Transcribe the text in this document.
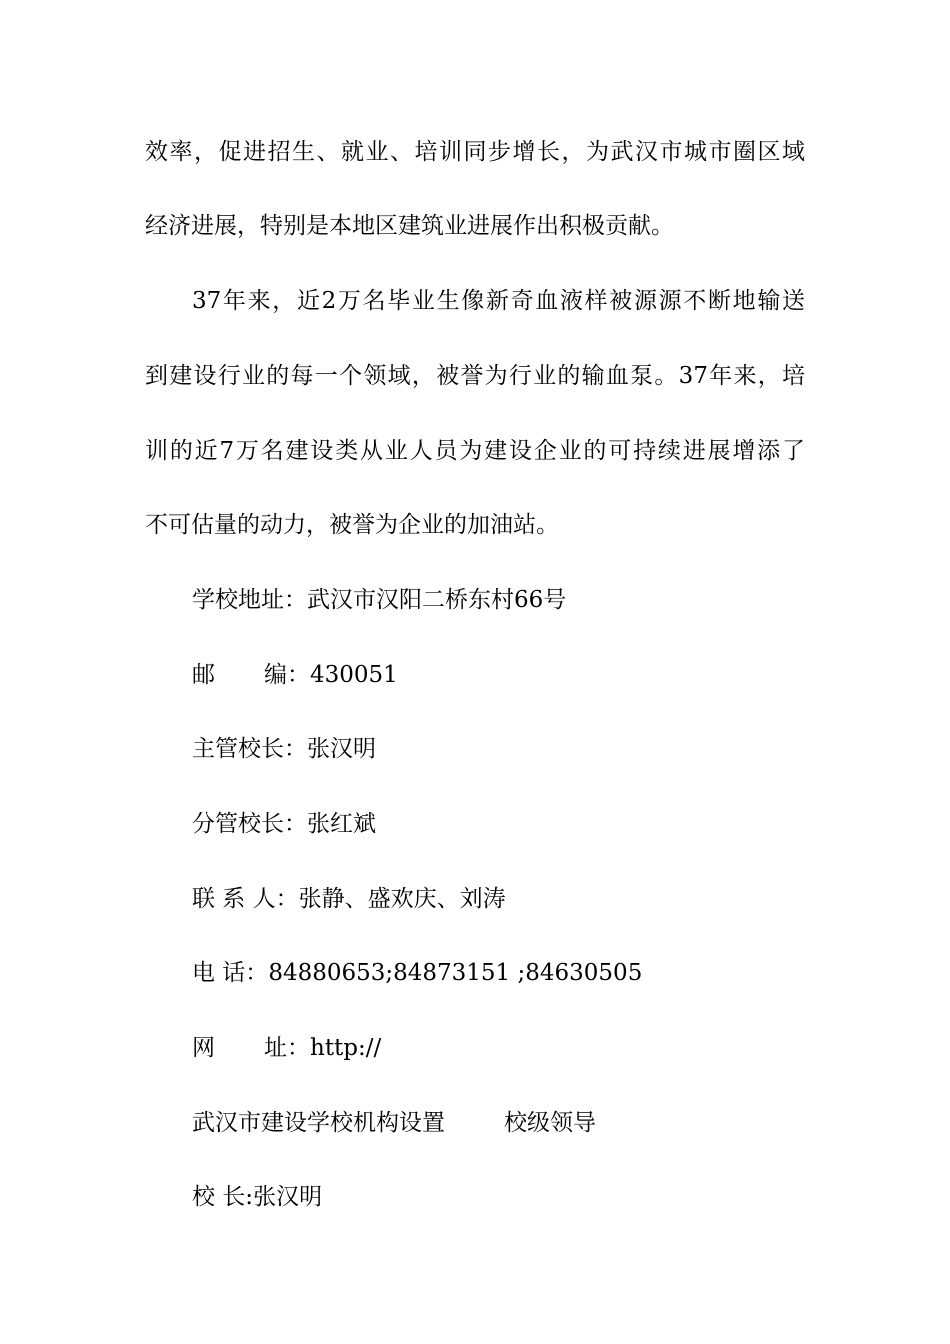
效率，促进招生、就业、培训同步增长，为武汉市城市圈区域
经济进展，特别是本地区建筑业进展作出积极贡献。
37年来，近2万名毕业生像新奇血液样被源源不断地输送
到建设行业的每一个领域，被誉为行业的输血泵。37年来，培
训的近7万名建设类从业人员为建设企业的可持续进展增添了
不可估量的动力，被誉为企业的加油站。
学校地址：武汉市汉阳二桥东村66号
邮 编：430051
主管校长：张汉明
分管校长：张红斌
联 系 人：张静、盛欢庆、刘涛
电 话：84880653;84873151 ;84630505
网 址：http://
武汉市建设学校机构设置	校级领导
校 长:张汉明
